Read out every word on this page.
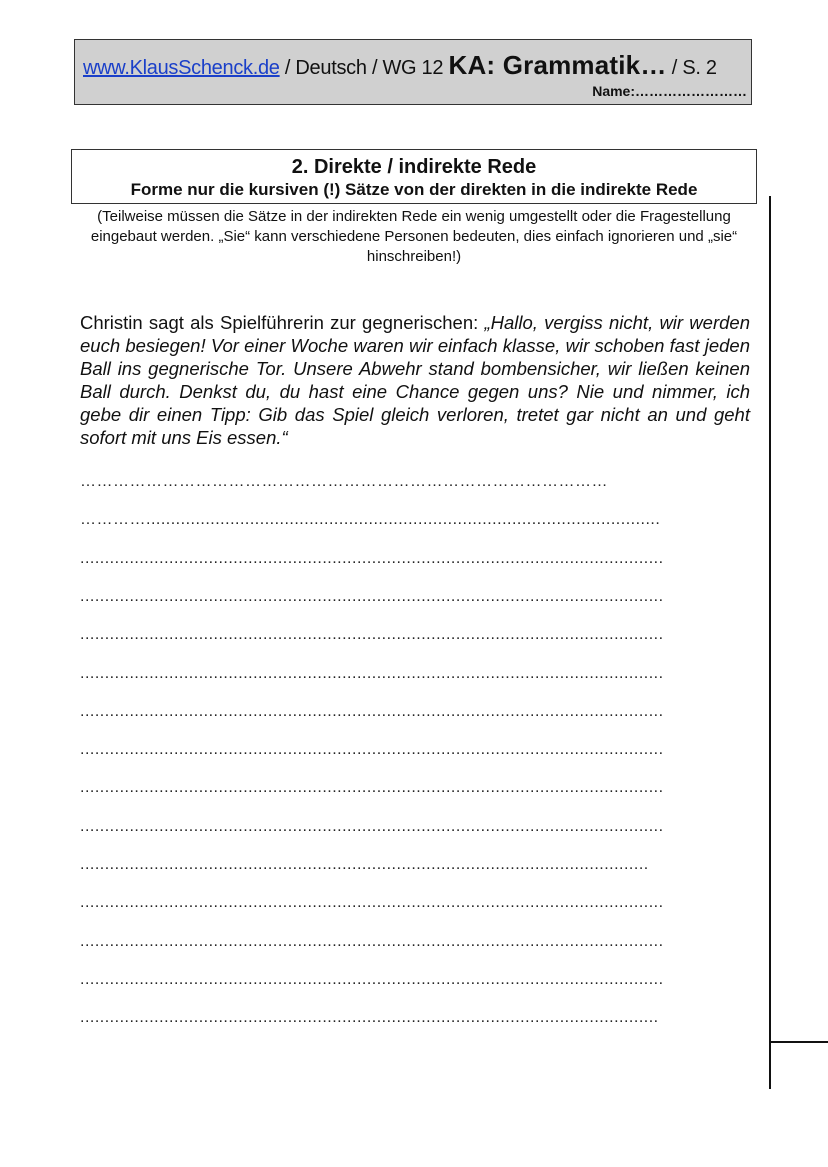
www.KlausSchenck.de / Deutsch / WG 12 KA: Grammatik… / S. 2
Name:……………………
2. Direkte / indirekte Rede
Forme nur die kursiven (!) Sätze von der direkten in die indirekte Rede
(Teilweise müssen die Sätze in der indirekten Rede ein wenig umgestellt oder die Fragestellung eingebaut werden. „Sie“ kann verschiedene Personen bedeuten, dies einfach ignorieren und „sie“ hinschreiben!)
Christin sagt als Spielführerin zur gegnerischen: „Hallo, vergiss nicht, wir werden euch besiegen! Vor einer Woche waren wir einfach klasse, wir schoben fast jeden Ball ins gegnerische Tor. Unsere Abwehr stand bombensicher, wir ließen keinen Ball durch. Denkst du, du hast eine Chance gegen uns? Nie und nimmer, ich gebe dir einen Tipp: Gib das Spiel gleich verloren, tretet gar nicht an und geht sofort mit uns Eis essen.“
……………………………………………………………………………………
…………........................................................................................................
......................................................................................................................
......................................................................................................................
......................................................................................................................
......................................................................................................................
......................................................................................................................
......................................................................................................................
......................................................................................................................
......................................................................................................................
...................................................................................................................
......................................................................................................................
......................................................................................................................
......................................................................................................................
.....................................................................................................................
